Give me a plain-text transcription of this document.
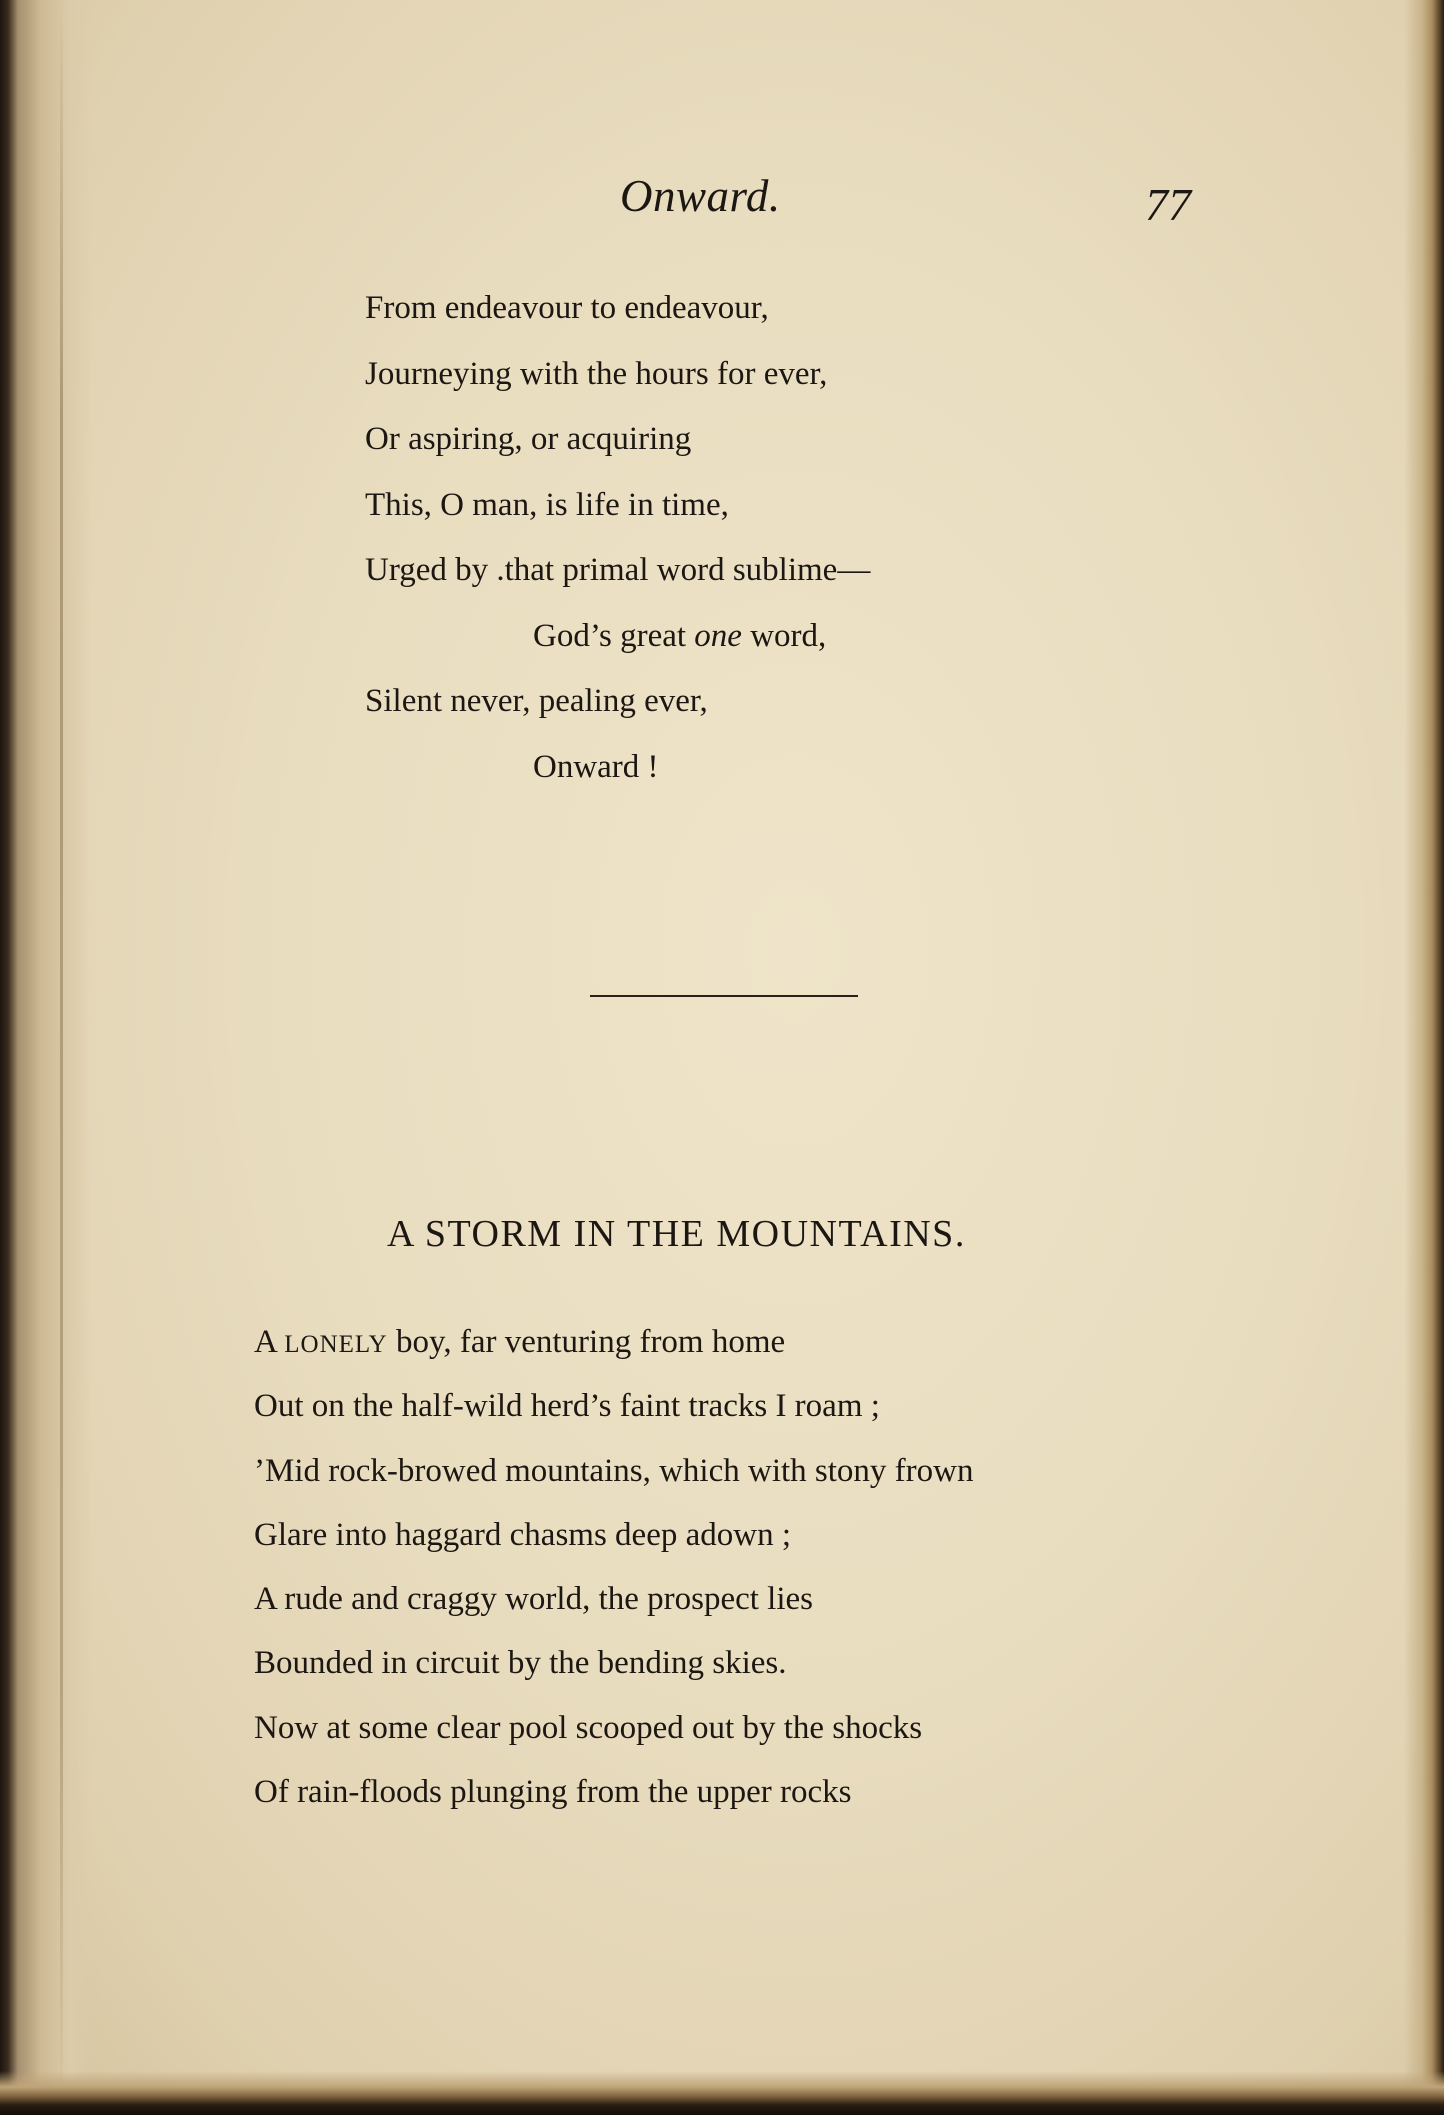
Onward.	77
From endeavour to endeavour,
Journeying with the hours for ever,
Or aspiring, or acquiring
This, O man, is life in time,
Urged by .that primal word sublime—
God’s great one word,
Silent never, pealing ever,
Onward !
A STORM IN THE MOUNTAINS.
A LONELY boy, far venturing from home
Out on the half-wild herd’s faint tracks I roam ;
’Mid rock-browed mountains, which with stony frown
Glare into haggard chasms deep adown ;
A rude and craggy world, the prospect lies
Bounded in circuit by the bending skies.
Now at some clear pool scooped out by the shocks
Of rain-floods plunging from the upper rocks
